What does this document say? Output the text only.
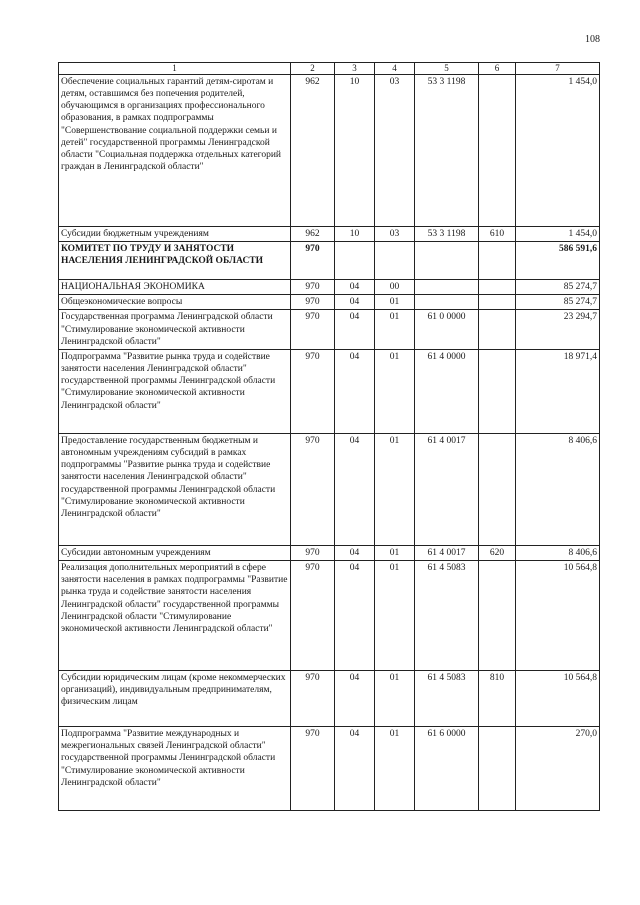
108
1	2	3	4	5	6	7
Обеспечение социальных гарантий детям-сиротам и детям, оставшимся без попечения родителей, обучающимся в организациях профессионального образования, в рамках подпрограммы "Совершенствование социальной поддержки семьи и детей" государственной программы Ленинградской области "Социальная поддержка отдельных категорий граждан в Ленинградской области"	962	10	03	53 3 1198		1 454,0
Субсидии бюджетным учреждениям	962	10	03	53 3 1198	610	1 454,0
КОМИТЕТ ПО ТРУДУ И ЗАНЯТОСТИ НАСЕЛЕНИЯ ЛЕНИНГРАДСКОЙ ОБЛАСТИ	970					586 591,6
НАЦИОНАЛЬНАЯ ЭКОНОМИКА	970	04	00			85 274,7
Общеэкономические вопросы	970	04	01			85 274,7
Государственная программа Ленинградской области "Стимулирование экономической активности Ленинградской области"	970	04	01	61 0 0000		23 294,7
Подпрограмма "Развитие рынка труда и содействие занятости населения Ленинградской области" государственной программы Ленинградской области "Стимулирование экономической активности Ленинградской области"	970	04	01	61 4 0000		18 971,4
Предоставление государственным бюджетным и автономным учреждениям субсидий в рамках подпрограммы "Развитие рынка труда и содействие занятости населения Ленинградской области" государственной программы Ленинградской области "Стимулирование экономической активности Ленинградской области"	970	04	01	61 4 0017		8 406,6
Субсидии автономным учреждениям	970	04	01	61 4 0017	620	8 406,6
Реализация дополнительных мероприятий в сфере занятости населения в рамках подпрограммы "Развитие рынка труда и содействие занятости населения Ленинградской области" государственной программы Ленинградской области "Стимулирование экономической активности Ленинградской области"	970	04	01	61 4 5083		10 564,8
Субсидии юридическим лицам (кроме некоммерческих организаций), индивидуальным предпринимателям, физическим лицам	970	04	01	61 4 5083	810	10 564,8
Подпрограмма "Развитие международных и межрегиональных связей Ленинградской области" государственной программы Ленинградской области "Стимулирование экономической активности Ленинградской области"	970	04	01	61 6 0000		270,0
